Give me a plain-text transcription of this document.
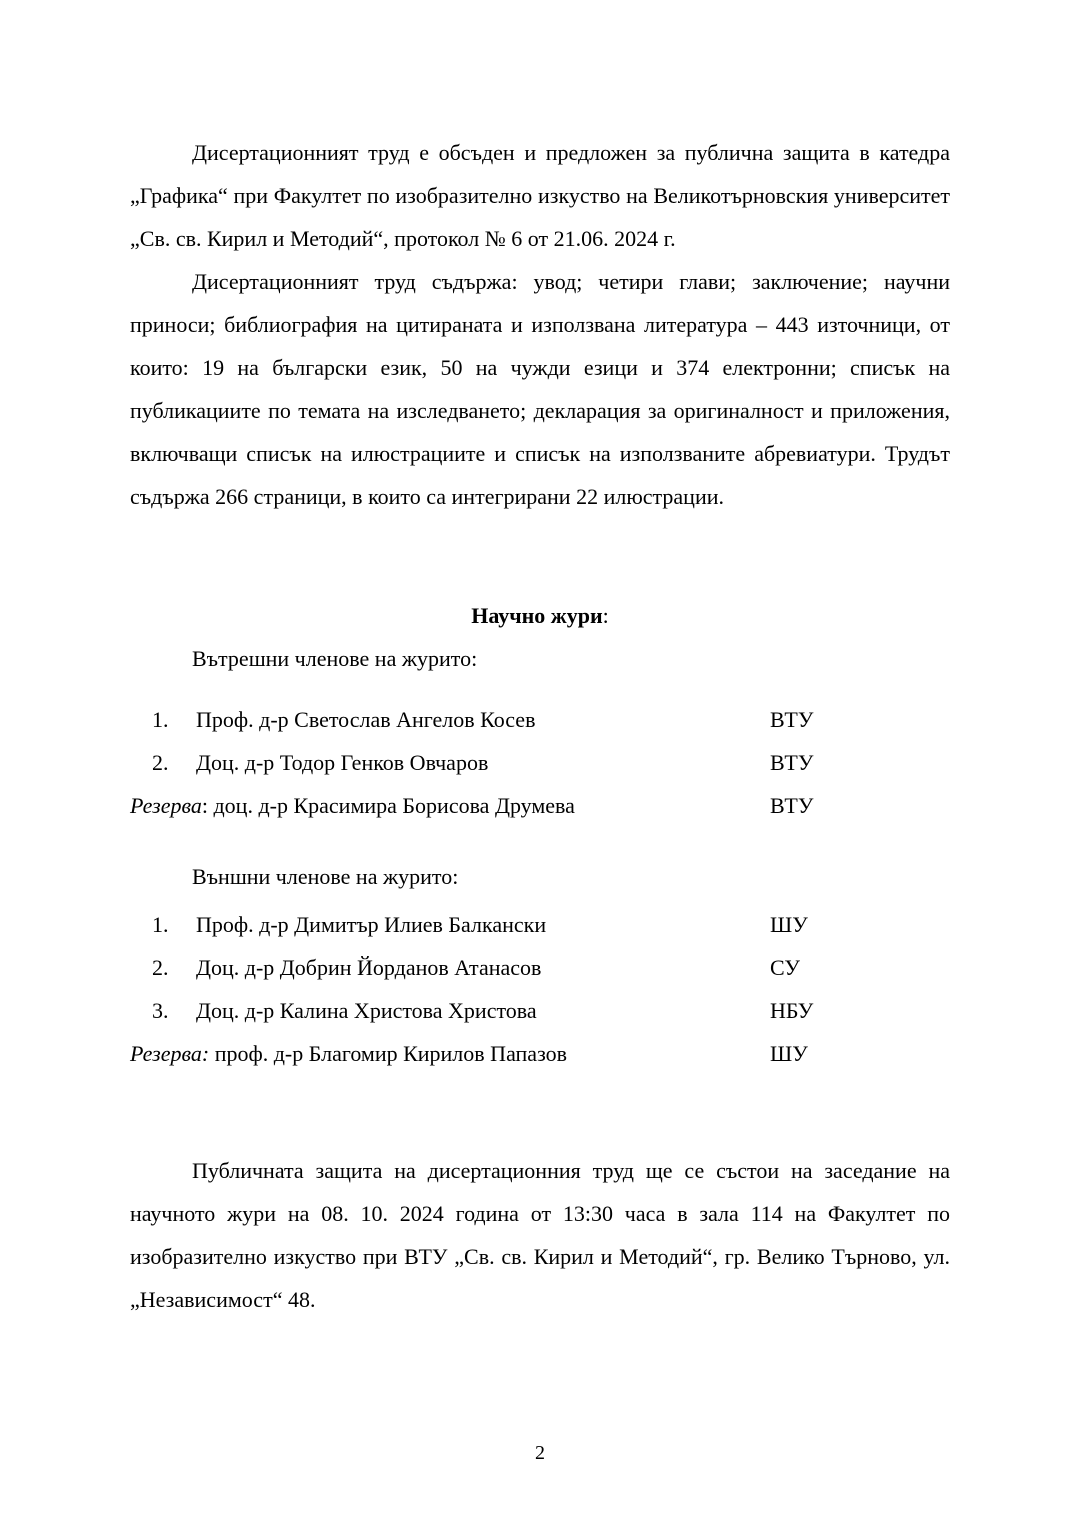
Дисертационният труд е обсъден и предложен за публична защита в катедра „Графика“ при Факултет по изобразително изкуство на Великотърновския университет „Св. св. Кирил и Методий“, протокол № 6 от 21.06. 2024 г.

Дисертационният труд съдържа: увод; четири глави; заключение; научни приноси; библиография на цитираната и използвана литература – 443 източници, от които: 19 на български език, 50 на чужди езици и 374 електронни; списък на публикациите по темата на изследването; декларация за оригиналност и приложения, включващи списък на илюстрациите и списък на използваните абревиатури. Трудът съдържа 266 страници, в които са интегрирани 22 илюстрации.

Научно жури:

Вътрешни членове на журито:

1.	Проф. д-р Светослав Ангелов Косев	ВТУ
2.	Доц. д-р Тодор Генков Овчаров	ВТУ
Резерва: доц. д-р Красимира Борисова Друмева	ВТУ

Външни членове на журито:

1.	Проф. д-р Димитър Илиев Балкански	ШУ
2.	Доц. д-р Добрин Йорданов Атанасов	СУ
3.	Доц. д-р Калина Христова Христова	НБУ
Резерва: проф. д-р Благомир Кирилов Папазов	ШУ

Публичната защита на дисертационния труд ще се състои на заседание на научното жури на 08. 10. 2024 година от 13:30 часа в зала 114 на Факултет по изобразително изкуство при ВТУ „Св. св. Кирил и Методий“, гр. Велико Търново, ул. „Независимост“ 48.

2
